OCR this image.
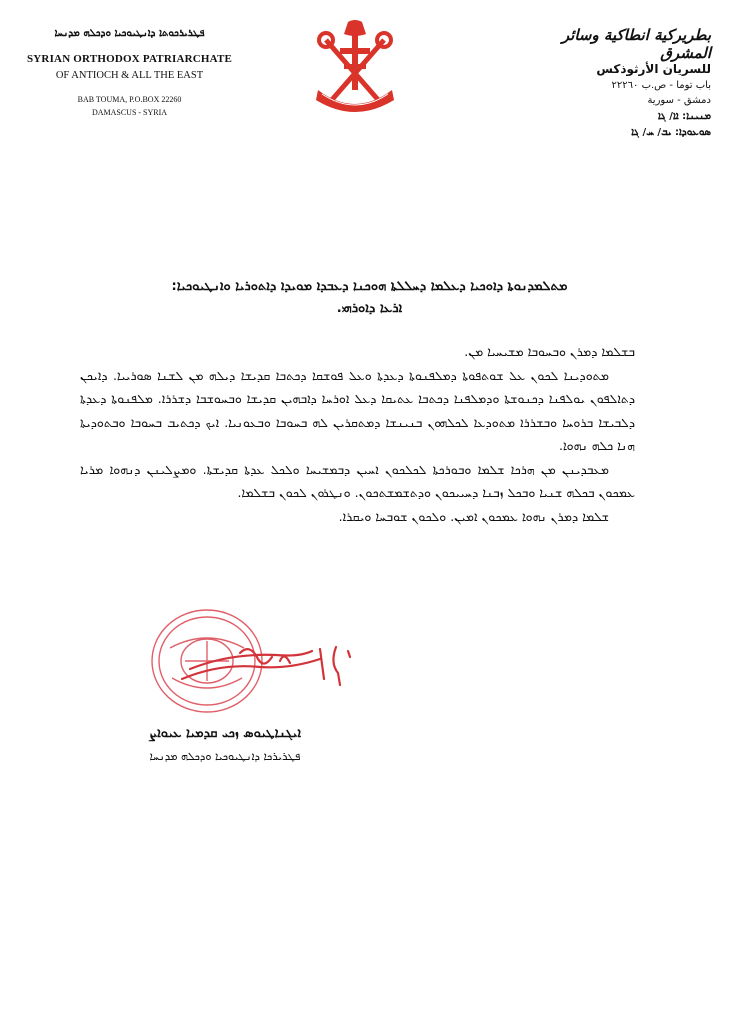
ܦܛܪܝܪܟܘܬܐ ܕܐܢܛܝܘܟܝܐ ܘܕܟܠܗ ܡܕܢܚܐ
SYRIAN ORTHODOX PATRIARCHATE
OF ANTIOCH & ALL THE EAST
BAB TOUMA, P.O.BOX 22260
DAMASCUS - SYRIA
بطريركية انطاكية وسائر المشرق
للسريان الأرثوذكس
باب توما - ص.ب ٢٢٢٦٠
دمشق - سورية
ܡܢܝܢܐ: ܐܐ/ ܓܐ
ܣܘܥܘܕܐ: ܝܒ/ ܚ/ ܓܐ
ܡܬܠܡܕܢܘܬܐ ܕܐܘܟܝܐ ܕܥܠܡܐ ܕܚܠܠܬܐ ܗܘܟܢܐ ܕܥܒܕܐ ܡܘܝܕܐ ܕܐܬܘܪܝܐ ܘܐܢܛܝܘܟܝܐ:
ܐܪܥܐ ܕܐܘܪܗܝ.

ܒܫܠܡܐ ܕܡܪܢ ܘܒܚܘܒܐ ܡܫܝܚܝܐ ܡܢ.

ܡܬܘܕܝܢܐ ܠܟܘܢ ܥܠ ܫܘܬܦܘܬܐ ܕܡܠܦܢܘܬܐ ܕܥܕܬܐ ܘܥܠ ܦܘܫܩܐ ܕܟܬܒܐ ܩܕܝܫܐ ܕܝܠܗ ܡܢ ܠܫܢܐ ܣܘܪܝܝܐ. ܕܐܝܟܢ ܕܬܐܠܦܘܢ ܝܘܠܦܢܐ ܕܟܢܘܫܬܐ ܘܕܡܠܦܢܐ ܕܟܬܒܐ ܥܬܝܩܐ ܕܥܠ ܐܘܪܚܐ ܕܐܒܗܝܢ ܩܕܝܫܐ ܘܒܚܘܫܒܐ ܕܫܪܪܐ. ܡܠܦܢܘܬܐ ܕܥܕܬܐ ܕܠܒܝܫܐ ܒܪܘܚܐ ܘܒܫܪܪܐ ܡܬܘܕܥܐ ܠܟܠܗܘܢ ܒܢܝܢܫܐ ܕܡܬܩܪܝܢ ܠܗ ܒܚܘܒܐ ܘܒܥܘܢܝܐ. ܐܝܟ ܕܟܬܝܒ ܒܚܘܒܐ ܘܒܬܘܕܝܬܐ ܗܢܐ ܟܠܗ ܢܗܘܐ.

ܡܥܒܕܝܢܢ ܡܢ ܗܪܟܐ ܫܠܡܐ ܘܒܘܪܟܬܐ ܠܟܠܟܘܢ ܐܚܝܢ ܕܒܡܫܝܚܐ ܘܠܟܠ ܥܕܬܐ ܩܕܝܫܬܐ. ܘܡܨܠܝܢܢ ܕܢܗܘܐ ܡܪܝܐ ܥܡܟܘܢ ܒܟܠܗ ܫܢܝܐ ܘܒܟܠ ܙܒܢܐ ܕܚܝܝܟܘܢ ܘܕܬܫܡܫܬܟܘܢ. ܘܢܛܪܘܢ ܠܟܘܢ ܒܫܠܡܐ.

ܫܠܡܐ ܕܡܪܢ ܢܗܘܐ ܥܡܟܘܢ ܐܡܝܢ. ܘܠܟܘܢ ܫܘܒܚܐ ܘܝܩܪܐ.

ܐܝܓܢܐܛܝܘܣ ܙܟܝ ܩܕܡܝܐ ܥܝܘܐܨ
ܦܛܪܝܪܟܐ ܕܐܢܛܝܘܟܝܐ ܘܕܟܠܗ ܡܕܢܚܐ
